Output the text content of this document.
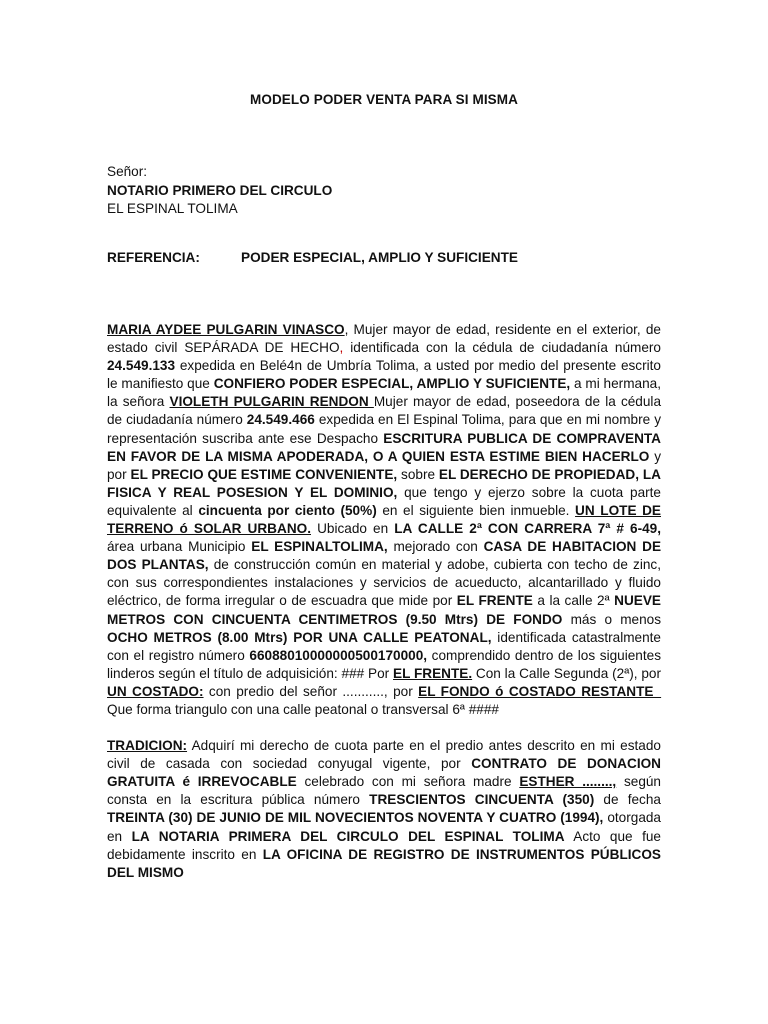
MODELO PODER VENTA PARA SI MISMA
Señor:
NOTARIO PRIMERO DEL CIRCULO
EL ESPINAL TOLIMA
REFERENCIA:	PODER ESPECIAL, AMPLIO Y SUFICIENTE

MARIA AYDEE PULGARIN VINASCO, Mujer mayor de edad, residente en el exterior, de estado civil SEPÁRADA DE HECHO, identificada con la cédula de ciudadanía número 24.549.133 expedida en Belé4n de Umbría Tolima, a usted por medio del presente escrito le manifiesto que CONFIERO PODER ESPECIAL, AMPLIO Y SUFICIENTE, a mi hermana, la señora VIOLETH PULGARIN RENDON Mujer mayor de edad, poseedora de la cédula de ciudadanía número 24.549.466 expedida en El Espinal Tolima, para que en mi nombre y representación suscriba ante ese Despacho ESCRITURA PUBLICA DE COMPRAVENTA EN FAVOR DE LA MISMA APODERADA, O A QUIEN ESTA ESTIME BIEN HACERLO y por EL PRECIO QUE ESTIME CONVENIENTE, sobre EL DERECHO DE PROPIEDAD, LA FISICA Y REAL POSESION Y EL DOMINIO, que tengo y ejerzo sobre la cuota parte equivalente al cincuenta por ciento (50%) en el siguiente bien inmueble. UN LOTE DE TERRENO ó SOLAR URBANO. Ubicado en LA CALLE 2ª CON CARRERA 7ª # 6-49, área urbana Municipio EL ESPINALTOLIMA, mejorado con CASA DE HABITACION DE DOS PLANTAS, de construcción común en material y adobe, cubierta con techo de zinc, con sus correspondientes instalaciones y servicios de acueducto, alcantarillado y fluido eléctrico, de forma irregular o de escuadra que mide por EL FRENTE a la calle 2ª NUEVE METROS CON CINCUENTA CENTIMETROS (9.50 Mtrs) DE FONDO más o menos OCHO METROS (8.00 Mtrs) POR UNA CALLE PEATONAL, identificada catastralmente con el registro número 66088010000000500170000, comprendido dentro de los siguientes linderos según el título de adquisición: ### Por EL FRENTE. Con la Calle Segunda (2ª), por UN COSTADO: con predio del señor ..........., por EL FONDO ó COSTADO RESTANTE_ Que forma triangulo con una calle peatonal o transversal 6ª ####

TRADICION: Adquirí mi derecho de cuota parte en el predio antes descrito en mi estado civil de casada con sociedad conyugal vigente, por CONTRATO DE DONACION GRATUITA é IRREVOCABLE celebrado con mi señora madre ESTHER ........, según consta en la escritura pública número TRESCIENTOS CINCUENTA (350) de fecha TREINTA (30) DE JUNIO DE MIL NOVECIENTOS NOVENTA Y CUATRO (1994), otorgada en LA NOTARIA PRIMERA DEL CIRCULO DEL ESPINAL TOLIMA Acto que fue debidamente inscrito en LA OFICINA DE REGISTRO DE INSTRUMENTOS PÚBLICOS DEL MISMO
